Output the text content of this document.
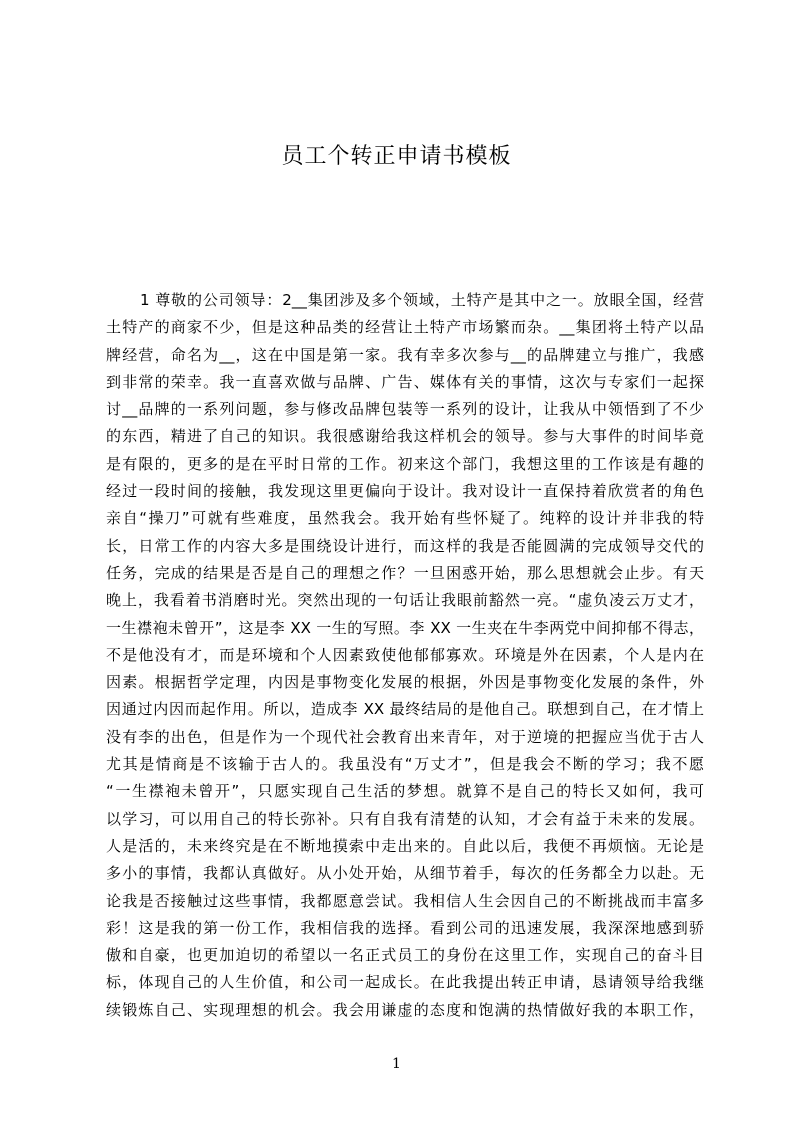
员工个转正申请书模板
1 尊敬的公司领导：2__集团涉及多个领域，土特产是其中之一。放眼全国，经营
土特产的商家不少，但是这种品类的经营让土特产市场繁而杂。__集团将土特产以品
牌经营，命名为__，这在中国是第一家。我有幸多次参与__的品牌建立与推广，我感
到非常的荣幸。我一直喜欢做与品牌、广告、媒体有关的事情，这次与专家们一起探
讨__品牌的一系列问题，参与修改品牌包装等一系列的设计，让我从中领悟到了不少
的东西，精进了自己的知识。我很感谢给我这样机会的领导。参与大事件的时间毕竟
是有限的，更多的是在平时日常的工作。初来这个部门，我想这里的工作该是有趣的
经过一段时间的接触，我发现这里更偏向于设计。我对设计一直保持着欣赏者的角色
亲自“操刀”可就有些难度，虽然我会。我开始有些怀疑了。纯粹的设计并非我的特
长，日常工作的内容大多是围绕设计进行，而这样的我是否能圆满的完成领导交代的
任务，完成的结果是否是自己的理想之作？一旦困惑开始，那么思想就会止步。有天
晚上，我看着书消磨时光。突然出现的一句话让我眼前豁然一亮。“虚负凌云万丈才，
一生襟袍未曾开”，这是李 XX 一生的写照。李 XX 一生夹在牛李两党中间抑郁不得志，
不是他没有才，而是环境和个人因素致使他郁郁寡欢。环境是外在因素，个人是内在
因素。根据哲学定理，内因是事物变化发展的根据，外因是事物变化发展的条件，外
因通过内因而起作用。所以，造成李 XX 最终结局的是他自己。联想到自己，在才情上
没有李的出色，但是作为一个现代社会教育出来青年，对于逆境的把握应当优于古人
尤其是情商是不该输于古人的。我虽没有“万丈才”，但是我会不断的学习；我不愿
“一生襟袍未曾开”，只愿实现自己生活的梦想。就算不是自己的特长又如何，我可
以学习，可以用自己的特长弥补。只有自我有清楚的认知，才会有益于未来的发展。
人是活的，未来终究是在不断地摸索中走出来的。自此以后，我便不再烦恼。无论是
多小的事情，我都认真做好。从小处开始，从细节着手，每次的任务都全力以赴。无
论我是否接触过这些事情，我都愿意尝试。我相信人生会因自己的不断挑战而丰富多
彩！这是我的第一份工作，我相信我的选择。看到公司的迅速发展，我深深地感到骄
傲和自豪，也更加迫切的希望以一名正式员工的身份在这里工作，实现自己的奋斗目
标，体现自己的人生价值，和公司一起成长。在此我提出转正申请，恳请领导给我继
续锻炼自己、实现理想的机会。我会用谦虚的态度和饱满的热情做好我的本职工作，
1
